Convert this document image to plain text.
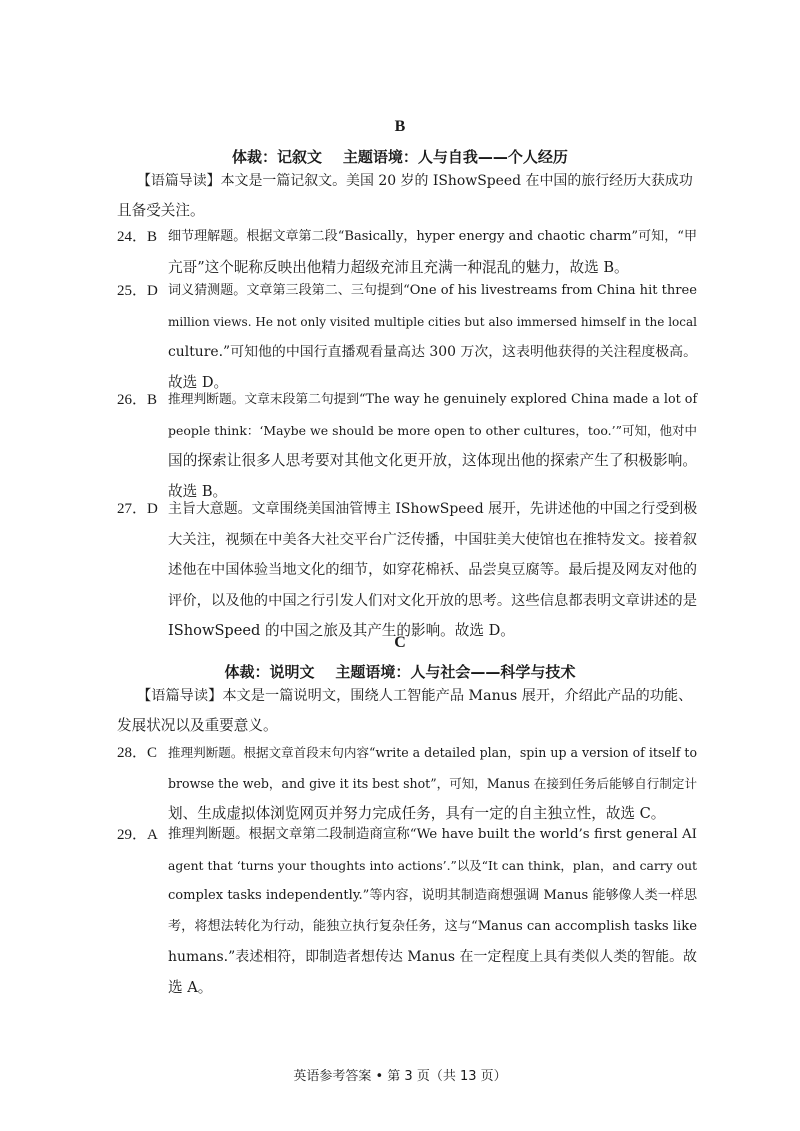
B
体裁：记叙文    主题语境：人与自我——个人经历
【语篇导读】本文是一篇记叙文。美国 20 岁的 IShowSpeed 在中国的旅行经历大获成功
且备受关注。
24．B 细节理解题。根据文章第二段“Basically，hyper energy and chaotic charm”可知，“甲
亢哥”这个昵称反映出他精力超级充沛且充满一种混乱的魅力，故选 B。
25．D 词义猜测题。文章第三段第二、三句提到“One of his livestreams from China hit three
million views. He not only visited multiple cities but also immersed himself in the local
culture.”可知他的中国行直播观看量高达 300 万次，这表明他获得的关注程度极高。
故选 D。
26．B 推理判断题。文章末段第二句提到“The way he genuinely explored China made a lot of
people think：‘Maybe we should be more open to other cultures，too.’”可知，他对中
国的探索让很多人思考要对其他文化更开放，这体现出他的探索产生了积极影响。
故选 B。
27．D 主旨大意题。文章围绕美国油管博主 IShowSpeed 展开，先讲述他的中国之行受到极
大关注，视频在中美各大社交平台广泛传播，中国驻美大使馆也在推特发文。接着叙
述他在中国体验当地文化的细节，如穿花棉袄、品尝臭豆腐等。最后提及网友对他的
评价，以及他的中国之行引发人们对文化开放的思考。这些信息都表明文章讲述的是
IShowSpeed 的中国之旅及其产生的影响。故选 D。
C
体裁：说明文    主题语境：人与社会——科学与技术
【语篇导读】本文是一篇说明文，围绕人工智能产品 Manus 展开，介绍此产品的功能、
发展状况以及重要意义。
28．C 推理判断题。根据文章首段末句内容“write a detailed plan，spin up a version of itself to
browse the web，and give it its best shot”，可知，Manus 在接到任务后能够自行制定计
划、生成虚拟体浏览网页并努力完成任务，具有一定的自主独立性，故选 C。
29．A 推理判断题。根据文章第二段制造商宣称“We have built the world’s first general AI
agent that ‘turns your thoughts into actions’.”以及“It can think，plan，and carry out
complex tasks independently.”等内容，说明其制造商想强调 Manus 能够像人类一样思
考，将想法转化为行动，能独立执行复杂任务，这与“Manus can accomplish tasks like
humans.”表述相符，即制造者想传达 Manus 在一定程度上具有类似人类的智能。故
选 A。
英语参考答案 • 第 3 页（共 13 页）
